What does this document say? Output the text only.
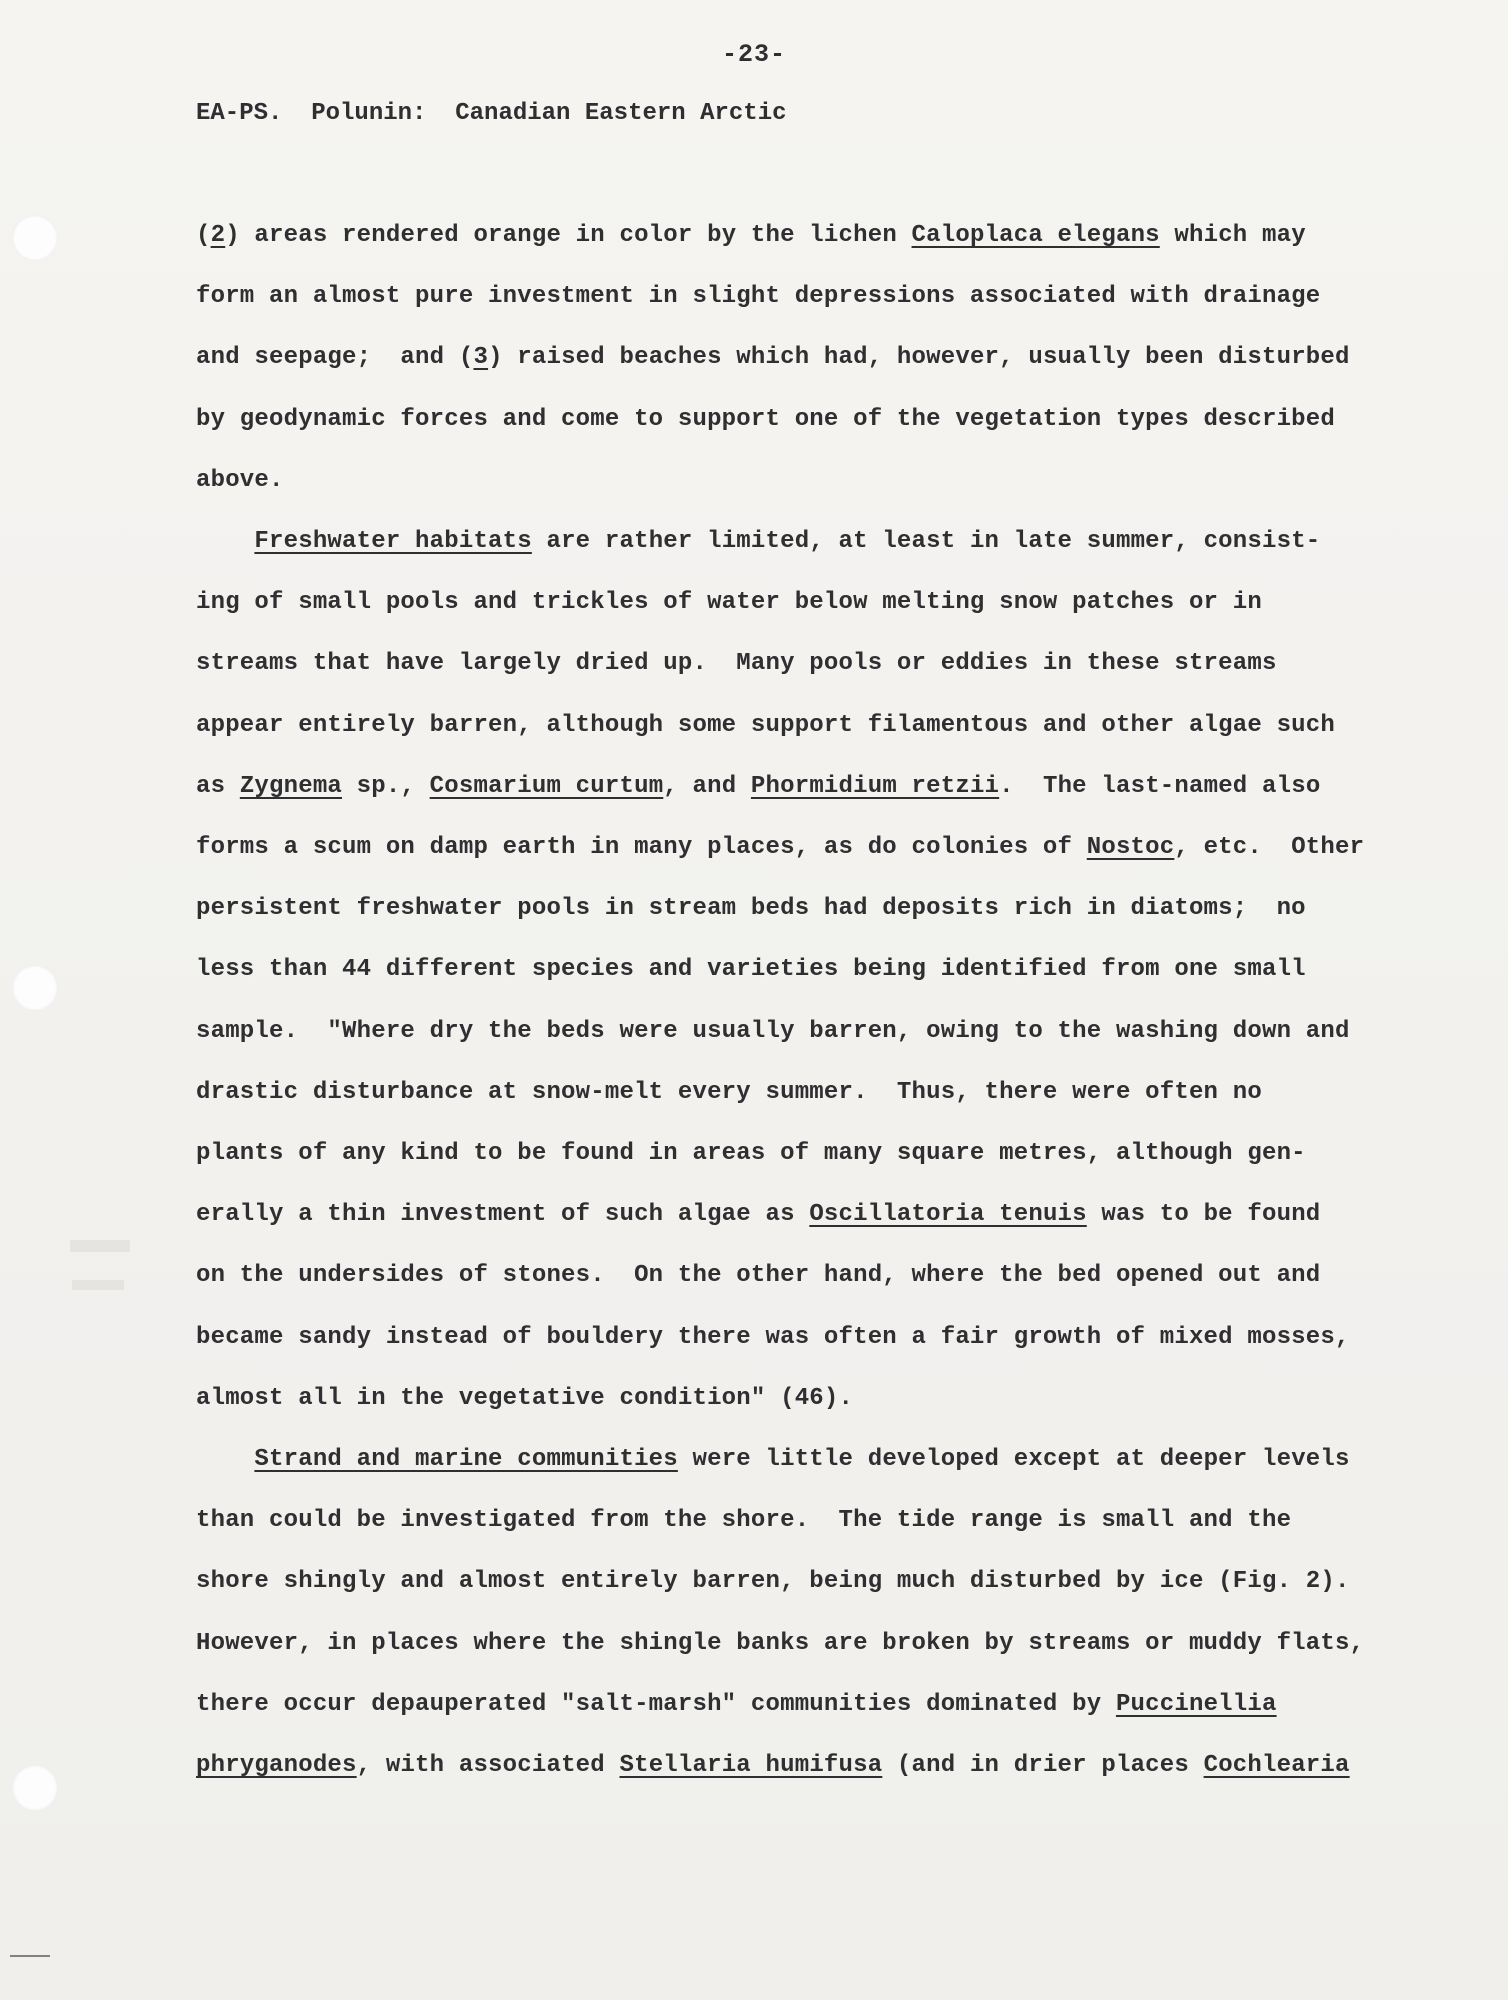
-23-
EA-PS.  Polunin:  Canadian Eastern Arctic
(2) areas rendered orange in color by the lichen Caloplaca elegans which may
form an almost pure investment in slight depressions associated with drainage
and seepage;  and (3) raised beaches which had, however, usually been disturbed
by geodynamic forces and come to support one of the vegetation types described
above.
Freshwater habitats are rather limited, at least in late summer, consist-
ing of small pools and trickles of water below melting snow patches or in
streams that have largely dried up.  Many pools or eddies in these streams
appear entirely barren, although some support filamentous and other algae such
as Zygnema sp., Cosmarium curtum, and Phormidium retzii.  The last-named also
forms a scum on damp earth in many places, as do colonies of Nostoc, etc.  Other
persistent freshwater pools in stream beds had deposits rich in diatoms;  no
less than 44 different species and varieties being identified from one small
sample.  "Where dry the beds were usually barren, owing to the washing down and
drastic disturbance at snow-melt every summer.  Thus, there were often no
plants of any kind to be found in areas of many square metres, although gen-
erally a thin investment of such algae as Oscillatoria tenuis was to be found
on the undersides of stones.  On the other hand, where the bed opened out and
became sandy instead of bouldery there was often a fair growth of mixed mosses,
almost all in the vegetative condition" (46).
Strand and marine communities were little developed except at deeper levels
than could be investigated from the shore.  The tide range is small and the
shore shingly and almost entirely barren, being much disturbed by ice (Fig. 2).
However, in places where the shingle banks are broken by streams or muddy flats,
there occur depauperated "salt-marsh" communities dominated by Puccinellia
phryganodes, with associated Stellaria humifusa (and in drier places Cochlearia
